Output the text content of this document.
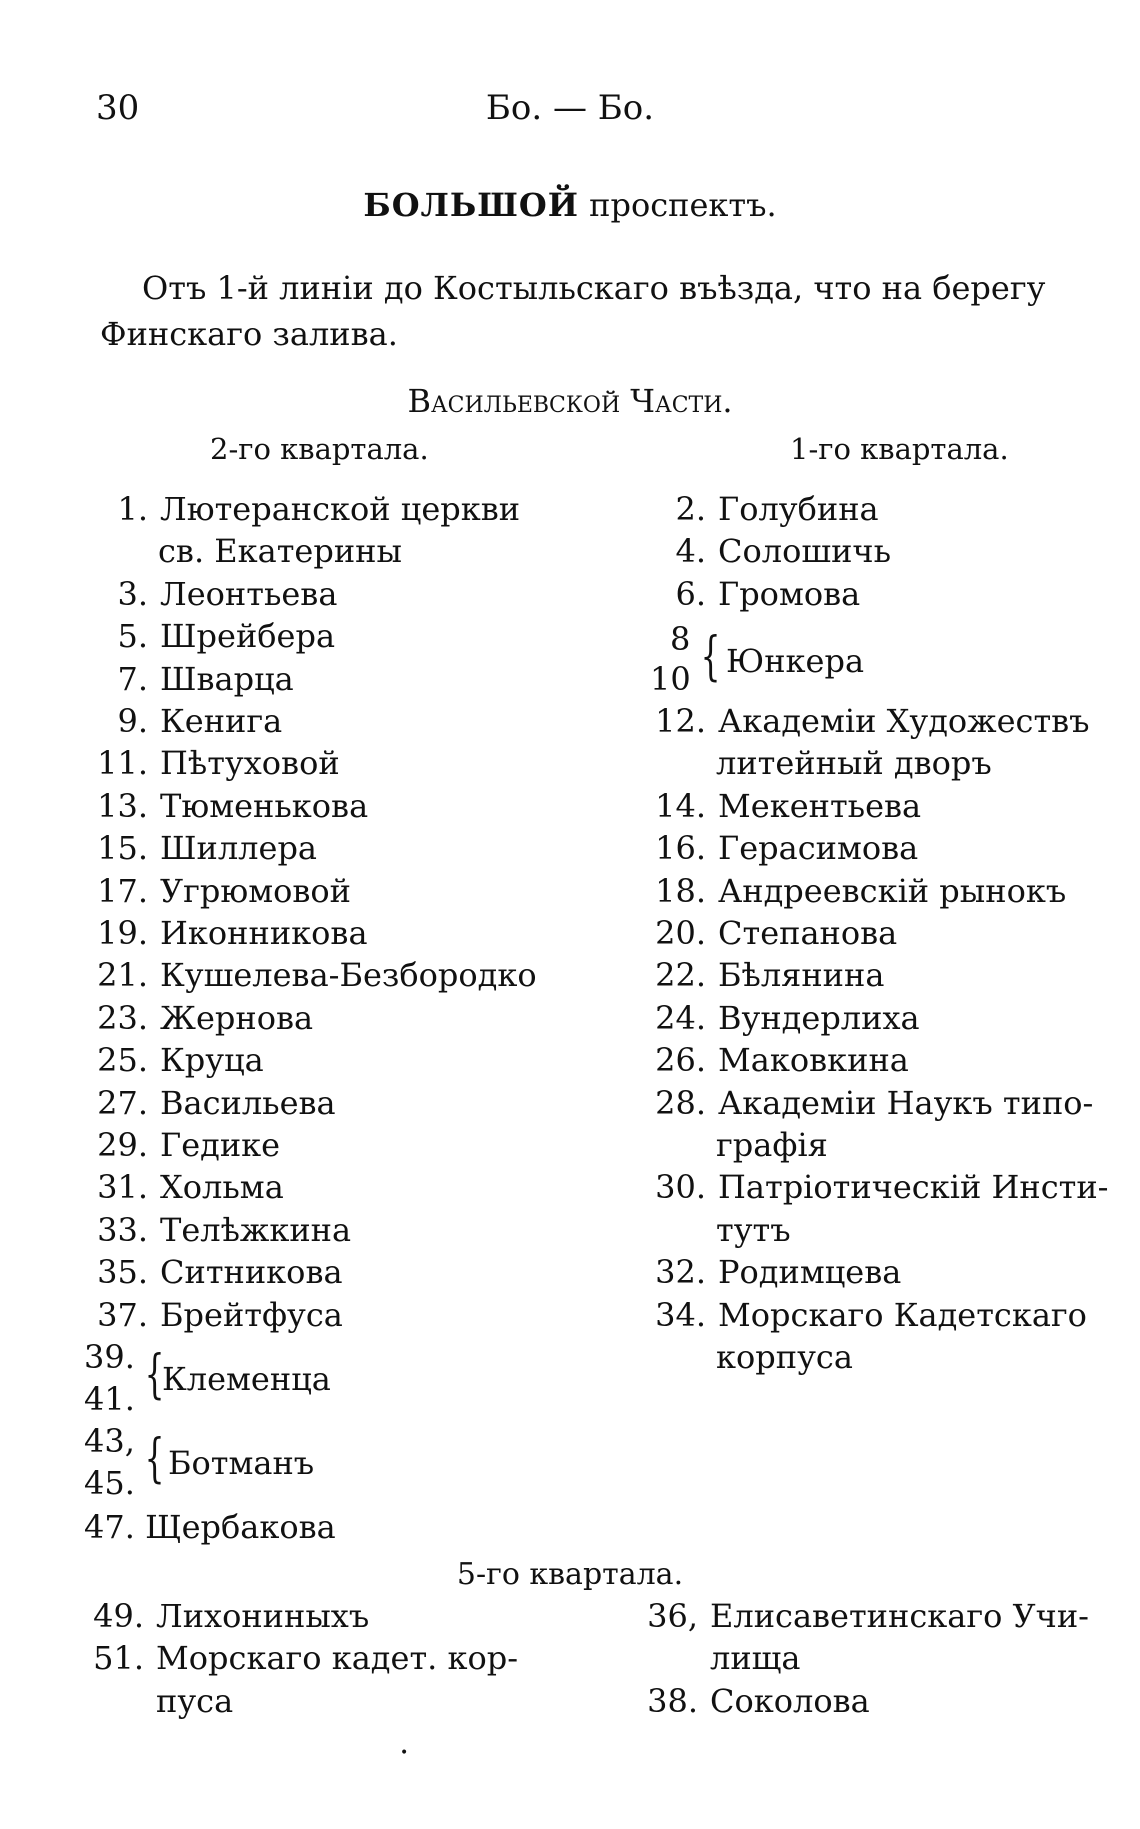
30	Бо. — Бо.
БОЛЬШОЙ проспектъ.
Отъ 1-й линіи до Костыльскаго въѣзда, что на берегу Финскаго залива.
Васильевской Части.
2-го квартала.	1-го квартала.
1. Лютеранской церкви
св. Екатерины
3. Леонтьева
5. Шрейбера
7. Шварца
9. Кенига
11. Пѣтуховой
13. Тюменькова
15. Шиллера
17. Угрюмовой
19. Иконникова
21. Кушелева-Безбородко
23. Жернова
25. Круца
27. Васильева
29. Гедике
31. Хольма
33. Телѣжкина
35. Ситникова
37. Брейтфуса
2. Голубина
4. Солошичь
6. Громова
12. Академіи Художествъ
литейный дворъ
14. Мекентьева
16. Герасимова
18. Андреевскій рынокъ
20. Степанова
22. Бѣлянина
24. Вундерлиха
26. Маковкина
28. Академіи Наукъ типо-
графія
30. Патріотическій Инсти-
тутъ
32. Родимцева
34. Морскаго Кадетскаго
корпуса
39.
41. {
Клеменца
43,
45. { Ботманъ
47. Щербакова
8
10 { Юнкера
5-го квартала.
49. Лихониныхъ
51. Морскаго кадет. кор-
пуса
36, Елисаветинскаго Учи-
лища
38. Соколова
•
